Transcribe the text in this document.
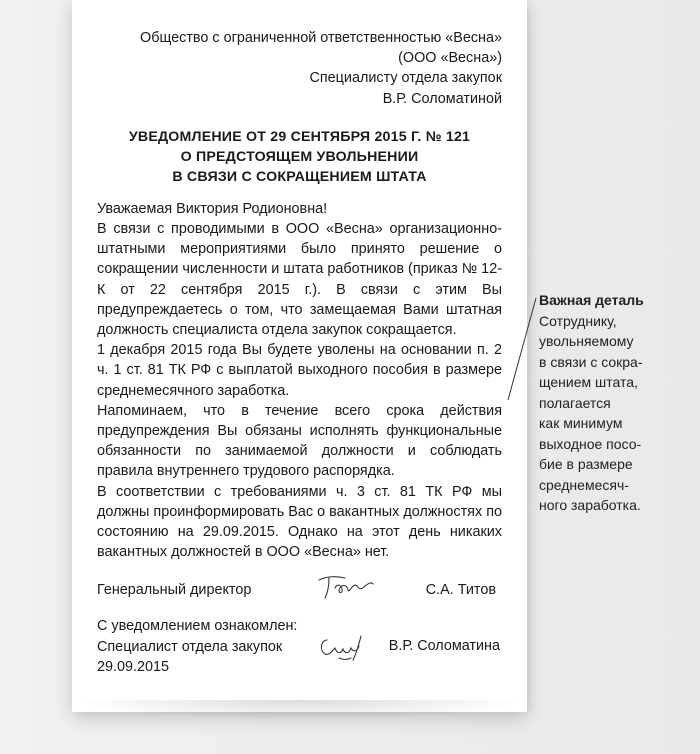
Общество с ограниченной ответственностью «Весна»
(ООО «Весна»)
Специалисту отдела закупок
В.Р. Соломатиной
УВЕДОМЛЕНИЕ ОТ 29 СЕНТЯБРЯ 2015 Г. № 121
О ПРЕДСТОЯЩЕМ УВОЛЬНЕНИИ
В СВЯЗИ С СОКРАЩЕНИЕМ ШТАТА

Уважаемая Виктория Родионовна!

В связи с проводимыми в ООО «Весна» организационно-штатными мероприятиями было принято решение о сокращении численности и штата работников (приказ № 12-К от 22 сентября 2015 г.). В связи с этим Вы предупреждаетесь о том, что замещаемая Вами штатная должность специалиста отдела закупок сокращается.

1 декабря 2015 года Вы будете уволены на основании п. 2 ч. 1 ст. 81 ТК РФ с выплатой выходного пособия в размере среднемесячного заработка.

Напоминаем, что в течение всего срока действия предупреждения Вы обязаны исполнять функциональные обязанности по занимаемой должности и соблюдать правила внутреннего трудового распорядка.

В соответствии с требованиями ч. 3 ст. 81 ТК РФ мы должны проинформировать Вас о вакантных должностях по состоянию на 29.09.2015. Однако на этот день никаких вакантных должностей в ООО «Весна» нет.

Генеральный директор	С.А. Титов
С уведомлением ознакомлен:
Специалист отдела закупок
29.09.2015
В.Р. Соломатина
Важная деталь
Сотруднику,
увольняемому
в связи с сокра-
щением штата,
полагается
как минимум
выходное посо-
бие в размере
среднемесяч-
ного заработка.
